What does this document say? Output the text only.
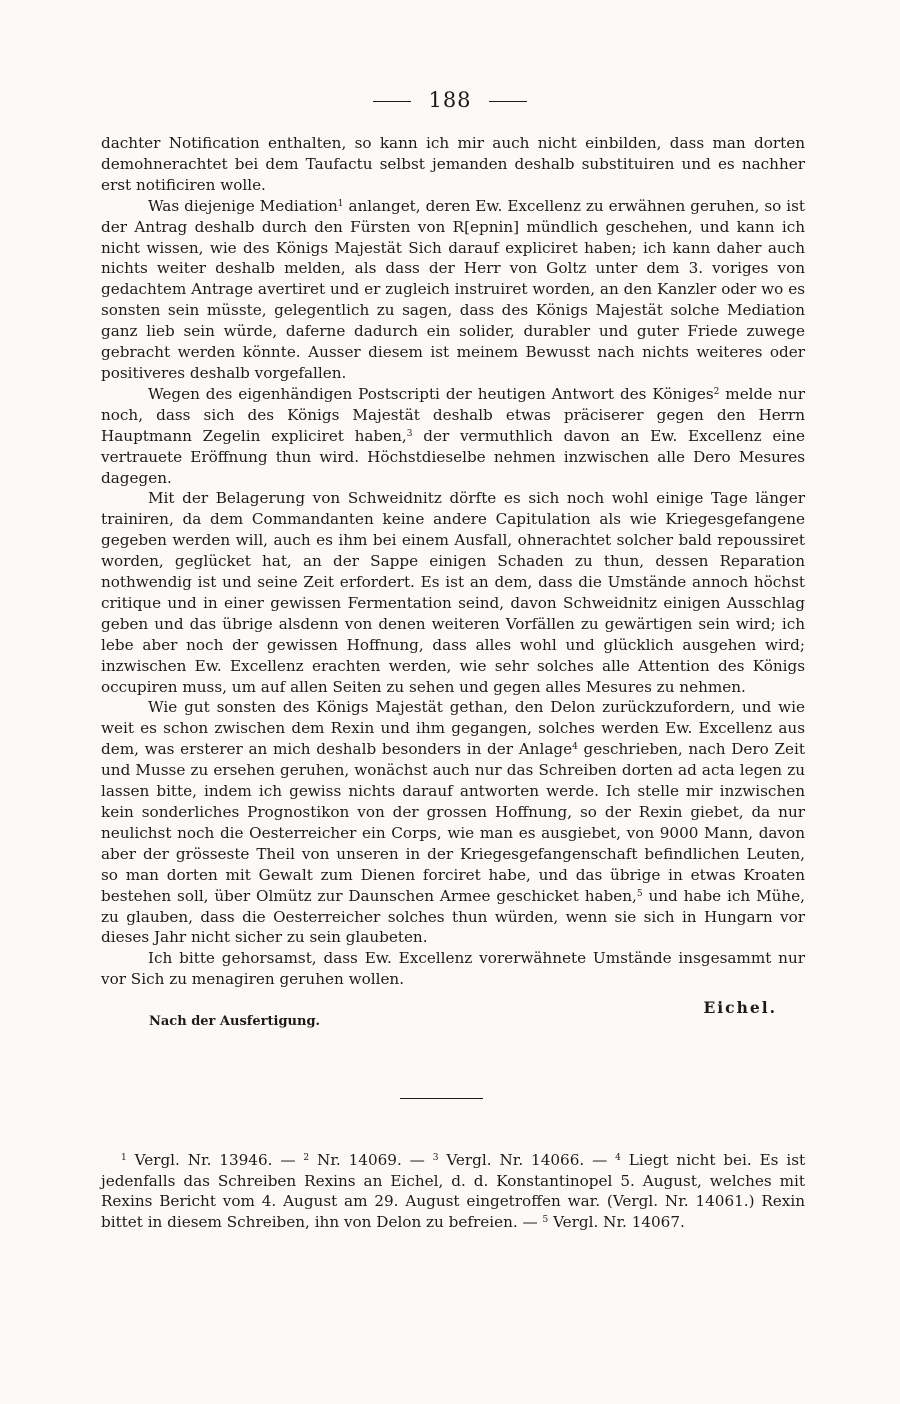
188

dachter Notification enthalten, so kann ich mir auch nicht einbilden, dass man dorten demohnerachtet bei dem Taufactu selbst jemanden deshalb substituiren und es nachher erst notificiren wolle.

Was diejenige Mediation$^1$ anlanget, deren Ew. Excellenz zu erwähnen geruhen, so ist der Antrag deshalb durch den Fürsten von R[epnin] mündlich geschehen, und kann ich nicht wissen, wie des Königs Majestät Sich darauf expliciret haben; ich kann daher auch nichts weiter deshalb melden, als dass der Herr von Goltz unter dem 3. voriges von gedachtem Antrage avertiret und er zugleich instruiret worden, an den Kanzler oder wo es sonsten sein müsste, gelegentlich zu sagen, dass des Königs Majestät solche Mediation ganz lieb sein würde, daferne dadurch ein solider, durabler und guter Friede zuwege gebracht werden könnte. Ausser diesem ist meinem Bewusst nach nichts weiteres oder positiveres deshalb vorgefallen.

Wegen des eigenhändigen Postscripti der heutigen Antwort des Königes$^2$ melde nur noch, dass sich des Königs Majestät deshalb etwas präciserer gegen den Herrn Hauptmann Zegelin expliciret haben,$^3$ der vermuthlich davon an Ew. Excellenz eine vertrauete Eröffnung thun wird. Höchstdieselbe nehmen inzwischen alle Dero Mesures dagegen.

Mit der Belagerung von Schweidnitz dörfte es sich noch wohl einige Tage länger trainiren, da dem Commandanten keine andere Capitulation als wie Kriegesgefangene gegeben werden will, auch es ihm bei einem Ausfall, ohnerachtet solcher bald repoussiret worden, geglücket hat, an der Sappe einigen Schaden zu thun, dessen Reparation nothwendig ist und seine Zeit erfordert. Es ist an dem, dass die Umstände annoch höchst critique und in einer gewissen Fermentation seind, davon Schweidnitz einigen Ausschlag geben und das übrige alsdenn von denen weiteren Vorfällen zu gewärtigen sein wird; ich lebe aber noch der gewissen Hoffnung, dass alles wohl und glücklich ausgehen wird; inzwischen Ew. Excellenz erachten werden, wie sehr solches alle Attention des Königs occupiren muss, um auf allen Seiten zu sehen und gegen alles Mesures zu nehmen.

Wie gut sonsten des Königs Majestät gethan, den Delon zurückzufordern, und wie weit es schon zwischen dem Rexin und ihm gegangen, solches werden Ew. Excellenz aus dem, was ersterer an mich deshalb besonders in der Anlage$^4$ geschrieben, nach Dero Zeit und Musse zu ersehen geruhen, wonächst auch nur das Schreiben dorten ad acta legen zu lassen bitte, indem ich gewiss nichts darauf antworten werde. Ich stelle mir inzwischen kein sonderliches Prognostikon von der grossen Hoffnung, so der Rexin giebet, da nur neulichst noch die Oesterreicher ein Corps, wie man es ausgiebet, von 9000 Mann, davon aber der grösseste Theil von unseren in der Kriegesgefangenschaft befindlichen Leuten, so man dorten mit Gewalt zum Dienen forciret habe, und das übrige in etwas Kroaten bestehen soll, über Olmütz zur Daunschen Armee geschicket haben,$^5$ und habe ich Mühe, zu glauben, dass die Oesterreicher solches thun würden, wenn sie sich in Hungarn vor dieses Jahr nicht sicher zu sein glaubeten.

Ich bitte gehorsamst, dass Ew. Excellenz vorerwähnete Umstände insgesammt nur vor Sich zu menagiren geruhen wollen.

Nach der Ausfertigung.
Eichel.

$^1$ Vergl. Nr. 13946. — $^2$ Nr. 14069. — $^3$ Vergl. Nr. 14066. — $^4$ Liegt nicht bei. Es ist jedenfalls das Schreiben Rexins an Eichel, d. d. Konstantinopel 5. August, welches mit Rexins Bericht vom 4. August am 29. August eingetroffen war. (Vergl. Nr. 14061.) Rexin bittet in diesem Schreiben, ihn von Delon zu befreien. — $^5$ Vergl. Nr. 14067.
